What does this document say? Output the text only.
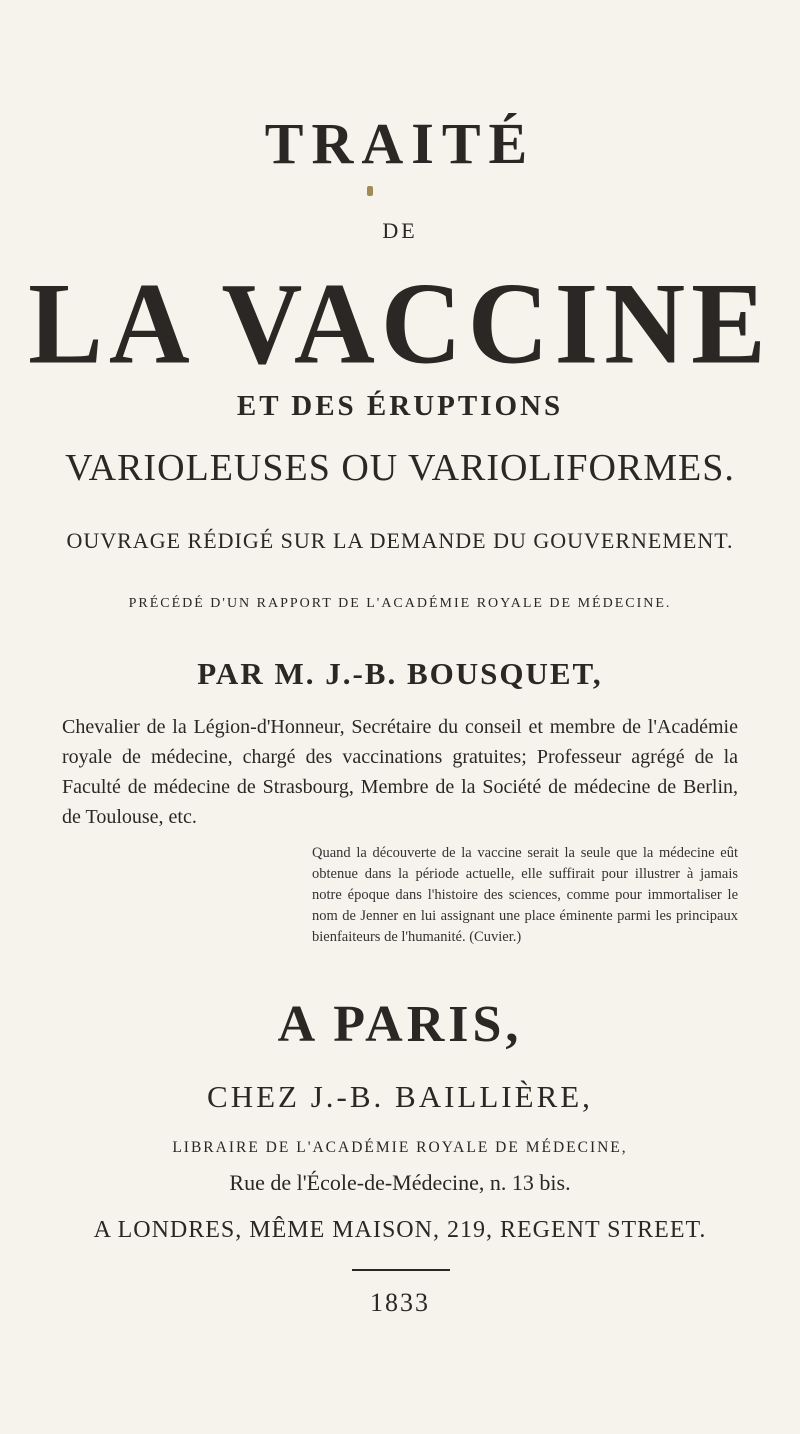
TRAITÉ
DE
LA VACCINE
ET DES ÉRUPTIONS
VARIOLEUSES OU VARIOLIFORMES.
OUVRAGE RÉDIGÉ SUR LA DEMANDE DU GOUVERNEMENT.
PRÉCÉDÉ D'UN RAPPORT DE L'ACADÉMIE ROYALE DE MÉDECINE.
PAR M. J.-B. BOUSQUET,
Chevalier de la Légion-d'Honneur, Secrétaire du conseil et membre de l'Académie royale de médecine, chargé des vaccinations gratuites; Professeur agrégé de la Faculté de médecine de Strasbourg, Membre de la Société de médecine de Berlin, de Toulouse, etc.
Quand la découverte de la vaccine serait la seule que la médecine eût obtenue dans la période actuelle, elle suffirait pour illustrer à jamais notre époque dans l'histoire des sciences, comme pour immortaliser le nom de Jenner en lui assignant une place éminente parmi les principaux bienfaiteurs de l'humanité. (Cuvier.)
A PARIS,
CHEZ J.-B. BAILLIÈRE,
LIBRAIRE DE L'ACADÉMIE ROYALE DE MÉDECINE,
Rue de l'École-de-Médecine, n. 13 bis.
A LONDRES, MÊME MAISON, 219, REGENT STREET.
1833
